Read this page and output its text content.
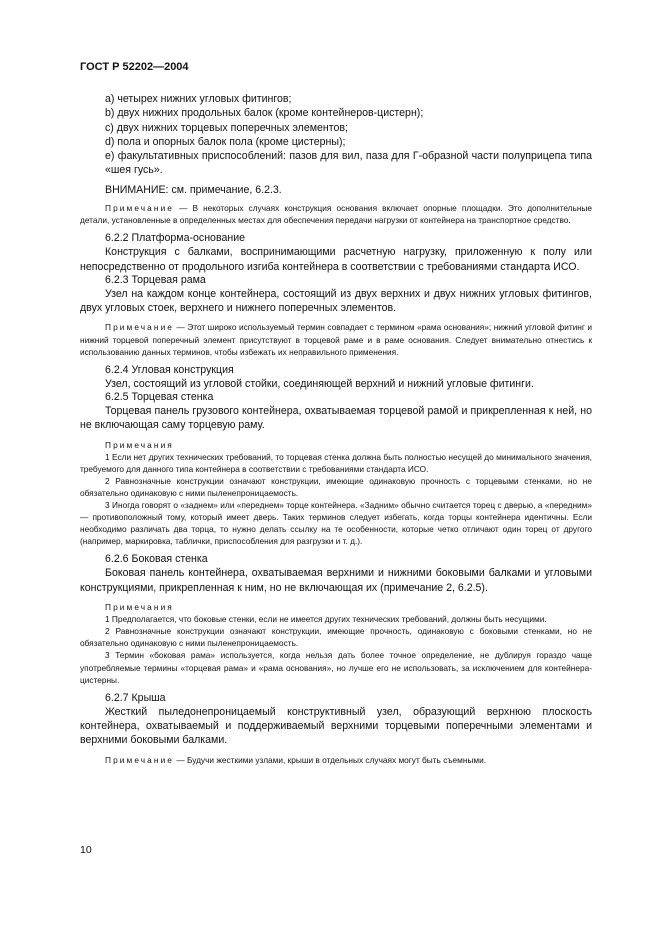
ГОСТ Р 52202—2004

a) четырех нижних угловых фитингов;

b) двух нижних продольных балок (кроме контейнеров-цистерн);

c) двух нижних торцевых поперечных элементов;

d) пола и опорных балок пола (кроме цистерны);

e) факультативных приспособлений: пазов для вил, паза для Г-образной части полуприцепа типа «шея гусь».

ВНИМАНИЕ: см. примечание, 6.2.3.

Примечание — В некоторых случаях конструкция основания включает опорные площадки. Это дополнительные детали, установленные в определенных местах для обеспечения передачи нагрузки от контейнера на транспортное средство.

6.2.2 Платформа-основание

Конструкция с балками, воспринимающими расчетную нагрузку, приложенную к полу или непосредственно от продольного изгиба контейнера в соответствии с требованиями стандарта ИСО.

6.2.3 Торцевая рама

Узел на каждом конце контейнера, состоящий из двух верхних и двух нижних угловых фитингов, двух угловых стоек, верхнего и нижнего поперечных элементов.

Примечание — Этот широко используемый термин совпадает с термином «рама основания»; нижний угловой фитинг и нижний торцевой поперечный элемент присутствуют в торцевой раме и в раме основания. Следует внимательно отнестись к использованию данных терминов, чтобы избежать их неправильного применения.

6.2.4 Угловая конструкция

Узел, состоящий из угловой стойки, соединяющей верхний и нижний угловые фитинги.

6.2.5 Торцевая стенка

Торцевая панель грузового контейнера, охватываемая торцевой рамой и прикрепленная к ней, но не включающая саму торцевую раму.

Примечания

1 Если нет других технических требований, то торцевая стенка должна быть полностью несущей до минимального значения, требуемого для данного типа контейнера в соответствии с требованиями стандарта ИСО.

2 Равнозначные конструкции означают конструкции, имеющие одинаковую прочность с торцевыми стенками, но не обязательно одинаковую с ними пыленепроницаемость.

3 Иногда говорят о «заднем» или «переднем» торце контейнера. «Задним» обычно считается торец с дверью, а «передним» — противоположный тому, который имеет дверь. Таких терминов следует избегать, когда торцы контейнера идентичны. Если необходимо различать два торца, то нужно делать ссылку на те особенности, которые четко отличают один торец от другого (например, маркировка, таблички, приспособления для разгрузки и т. д.).

6.2.6 Боковая стенка

Боковая панель контейнера, охватываемая верхними и нижними боковыми балками и угловыми конструкциями, прикрепленная к ним, но не включающая их (примечание 2, 6.2.5).

Примечания

1 Предполагается, что боковые стенки, если не имеется других технических требований, должны быть несущими.

2 Равнозначные конструкции означают конструкции, имеющие прочность, одинаковую с боковыми стенками, но не обязательно одинаковую с ними пыленепроницаемость.

3 Термин «боковая рама» используется, когда нельзя дать более точное определение, не дублируя гораздо чаще употребляемые термины «торцевая рама» и «рама основания», но лучше его не использовать, за исключением для контейнера-цистерны.

6.2.7 Крыша

Жесткий пыледонепроницаемый конструктивный узел, образующий верхнюю плоскость контейнера, охватываемый и поддерживаемый верхними торцевыми поперечными элементами и верхними боковыми балками.

Примечание — Будучи жесткими узлами, крыши в отдельных случаях могут быть съемными.

10
